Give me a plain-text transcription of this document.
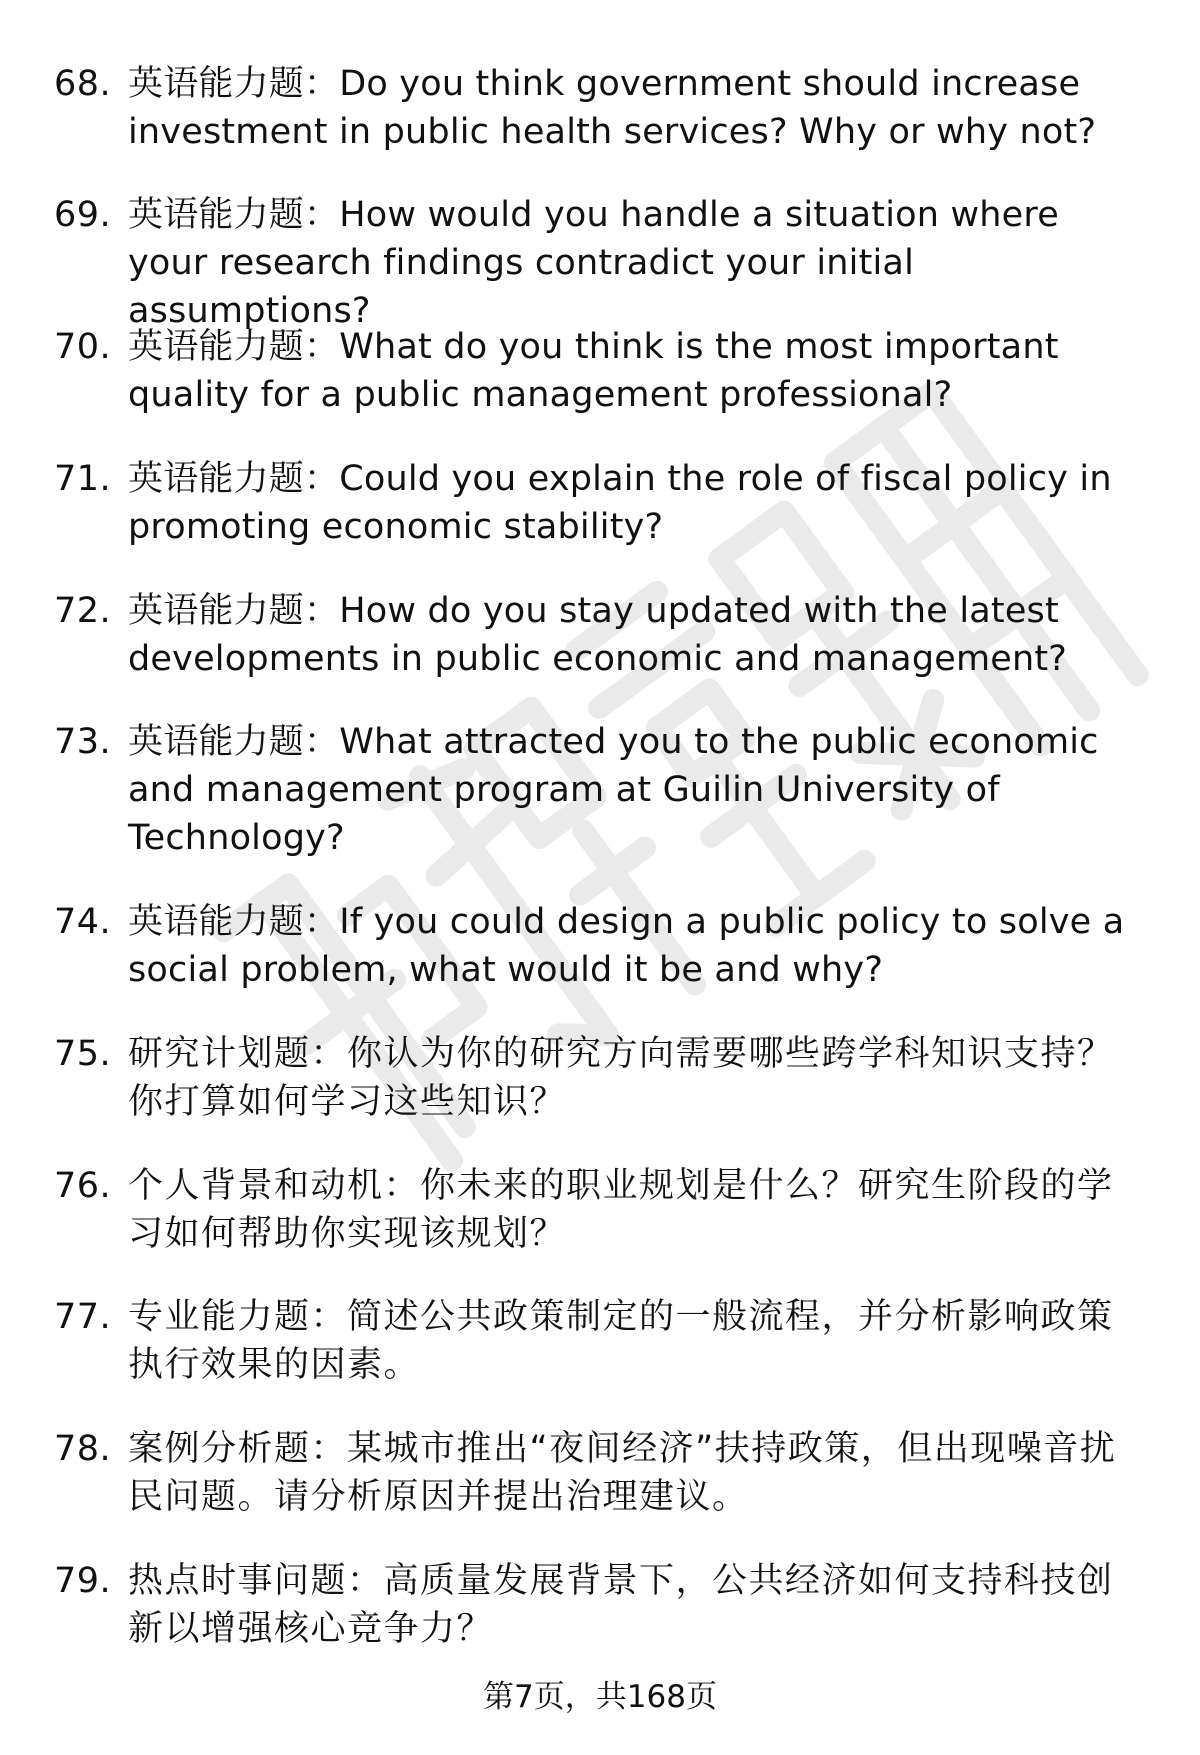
68. 英语能力题：Do you think government should increase investment in public health services? Why or why not?
69. 英语能力题：How would you handle a situation where your research findings contradict your initial assumptions?
70. 英语能力题：What do you think is the most important quality for a public management professional?
71. 英语能力题：Could you explain the role of fiscal policy in promoting economic stability?
72. 英语能力题：How do you stay updated with the latest developments in public economic and management?
73. 英语能力题：What attracted you to the public economic and management program at Guilin University of Technology?
74. 英语能力题：If you could design a public policy to solve a social problem, what would it be and why?
75. 研究计划题：你认为你的研究方向需要哪些跨学科知识支持？你打算如何学习这些知识？
76. 个人背景和动机：你未来的职业规划是什么？研究生阶段的学习如何帮助你实现该规划？
77. 专业能力题：简述公共政策制定的一般流程，并分析影响政策执行效果的因素。
78. 案例分析题：某城市推出“夜间经济”扶持政策，但出现噪音扰民问题。请分析原因并提出治理建议。
79. 热点时事问题：高质量发展背景下，公共经济如何支持科技创新以增强核心竞争力？
第7页，共168页
